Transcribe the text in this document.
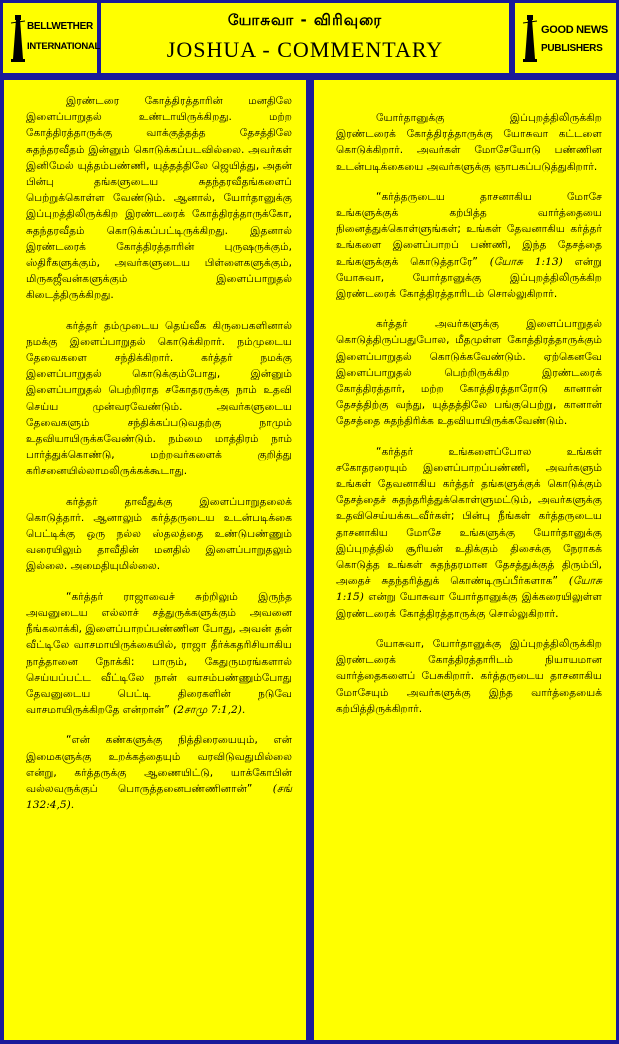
BELLWETHER
INTERNATIONAL
யோசுவா - விரிவுரை
JOSHUA - COMMENTARY
GOOD NEWS
PUBLISHERS

இரண்டரை கோத்திரத்தாரின் மனதிலே இளைப்பாறுதல் உண்டாயிருக்கிறது. மற்ற கோத்திரத்தாருக்கு வாக்குத்தத்த தேசத்திலே சுதந்தரவீதம் இன்னும் கொடுக்கப்படவில்லை. அவர்கள் இனிமேல் யுத்தம்பண்ணி, யுத்தத்திலே ஜெயித்து, அதன் பின்பு தங்களுடைய சுதந்தரவீதங்களைப் பெற்றுக்கொள்ள வேண்டும். ஆனால், யோர்தானுக்கு இப்புறத்திலிருக்கிற இரண்டரைக் கோத்திரத்தாருக்கோ, சுதந்தரவீதம் கொடுக்கப்பட்டிருக்கிறது. இதனால் இரண்டரைக் கோத்திரத்தாரின் புருஷருக்கும், ஸ்திரீகளுக்கும், அவர்களுடைய பிள்ளைகளுக்கும், மிருகஜீவன்களுக்கும் இளைப்பாறுதல் கிடைத்திருக்கிறது.

கர்த்தர் தம்முடைய தெய்வீக கிருபைகளினால் நமக்கு இளைப்பாறுதல் கொடுக்கிறார். நம்முடைய தேவைகளை சந்திக்கிறார். கர்த்தர் நமக்கு இளைப்பாறுதல் கொடுக்கும்போது, இன்னும் இளைப்பாறுதல் பெற்றிராத சகோதரருக்கு நாம் உதவி செய்ய முன்வரவேண்டும். அவர்களுடைய தேவைகளும் சந்திக்கப்படுவதற்கு நாமும் உதவியாயிருக்கவேண்டும். நம்மை மாத்திரம் நாம் பார்த்துக்கொண்டு, மற்றவர்களைக் குறித்து கரிசனையில்லாமலிருக்கக்கூடாது.

கர்த்தர் தாவீதுக்கு இளைப்பாறுதலைக் கொடுத்தார். ஆனாலும் கர்த்தருடைய உடன்படிக்கை பெட்டிக்கு ஒரு நல்ல ஸ்தலத்தை உண்டுபண்ணும் வரையிலும் தாவீதின் மனதில் இளைப்பாறுதலும் இல்லை. அமைதியுமில்லை.

“கர்த்தர் ராஜாவைச் சுற்றிலும் இருந்த அவனுடைய எல்லாச் சத்துருக்களுக்கும் அவனை நீங்கலாக்கி, இளைப்பாறப்பண்ணின போது, அவன் தன் வீட்டிலே வாசமாயிருக்கையில், ராஜா தீர்க்கதரிசியாகிய நாத்தானை நோக்கி: பாரும், கேதுருமரங்களால் செய்யப்பட்ட வீட்டிலே நான் வாசம்பண்ணும்போது தேவனுடைய பெட்டி திரைகளின் நடுவே வாசமாயிருக்கிறதே என்றான்” (2சாமு 7:1,2).

“என் கண்களுக்கு நித்திரையையும், என் இமைகளுக்கு உறக்கத்தையும் வரவிடுவதுமில்லை என்று, கர்த்தருக்கு ஆணையிட்டு, யாக்கோபின் வல்லவருக்குப் பொருத்தனைபண்ணினான்” (சங் 132:4,5).

யோர்தானுக்கு இப்புறத்திலிருக்கிற இரண்டரைக் கோத்திரத்தாருக்கு யோசுவா கட்டளை கொடுக்கிறார். அவர்கள் மோசேயோடு பண்ணின உடன்படிக்கையை அவர்களுக்கு ஞாபகப்படுத்துகிறார்.

“கர்த்தருடைய தாசனாகிய மோசே உங்களுக்குக் கற்பித்த வார்த்தையை நினைத்துக்கொள்ளுங்கள்; உங்கள் தேவனாகிய கர்த்தர் உங்களை இளைப்பாறப் பண்ணி, இந்த தேசத்தை உங்களுக்குக் கொடுத்தாரே” (யோசு 1:13) என்று யோசுவா, யோர்தானுக்கு இப்புறத்திலிருக்கிற இரண்டரைக் கோத்திரத்தாரிடம் சொல்லுகிறார்.

கர்த்தர் அவர்களுக்கு இளைப்பாறுதல் கொடுத்திருப்பதுபோல, மீதமுள்ள கோத்திரத்தாருக்கும் இளைப்பாறுதல் கொடுக்கவேண்டும். ஏற்கெனவே இளைப்பாறுதல் பெற்றிருக்கிற இரண்டரைக் கோத்திரத்தார், மற்ற கோத்திரத்தாரோடு கானான் தேசத்திற்கு வந்து, யுத்தத்திலே பங்குபெற்று, கானான் தேசத்தை சுதந்திரிக்க உதவியாயிருக்கவேண்டும்.

“கர்த்தர் உங்களைப்போல உங்கள் சகோதரரையும் இளைப்பாறப்பண்ணி, அவர்களும் உங்கள் தேவனாகிய கர்த்தர் தங்களுக்குக் கொடுக்கும் தேசத்தைச் சுதந்தரித்துக்கொள்ளுமட்டும், அவர்களுக்கு உதவிசெய்யக்கடவீர்கள்; பின்பு நீங்கள் கர்த்தருடைய தாசனாகிய மோசே உங்களுக்கு யோர்தானுக்கு இப்புறத்தில் சூரியன் உதிக்கும் திசைக்கு நேராகக் கொடுத்த உங்கள் சுதந்தரமான தேசத்துக்குத் திரும்பி, அதைச் சுதந்தரித்துக் கொண்டிருப்பீர்களாக” (யோசு 1:15) என்று யோசுவா யோர்தானுக்கு இக்கரையிலுள்ள இரண்டரைக் கோத்திரத்தாருக்கு சொல்லுகிறார்.

யோசுவா, யோர்தானுக்கு இப்புறத்திலிருக்கிற இரண்டரைக் கோத்திரத்தாரிடம் நியாயமான வார்த்தைகளைப் பேசுகிறார். கர்த்தருடைய தாசனாகிய மோசேயும் அவர்களுக்கு இந்த வார்த்தையைக் கற்பித்திருக்கிறார்.
